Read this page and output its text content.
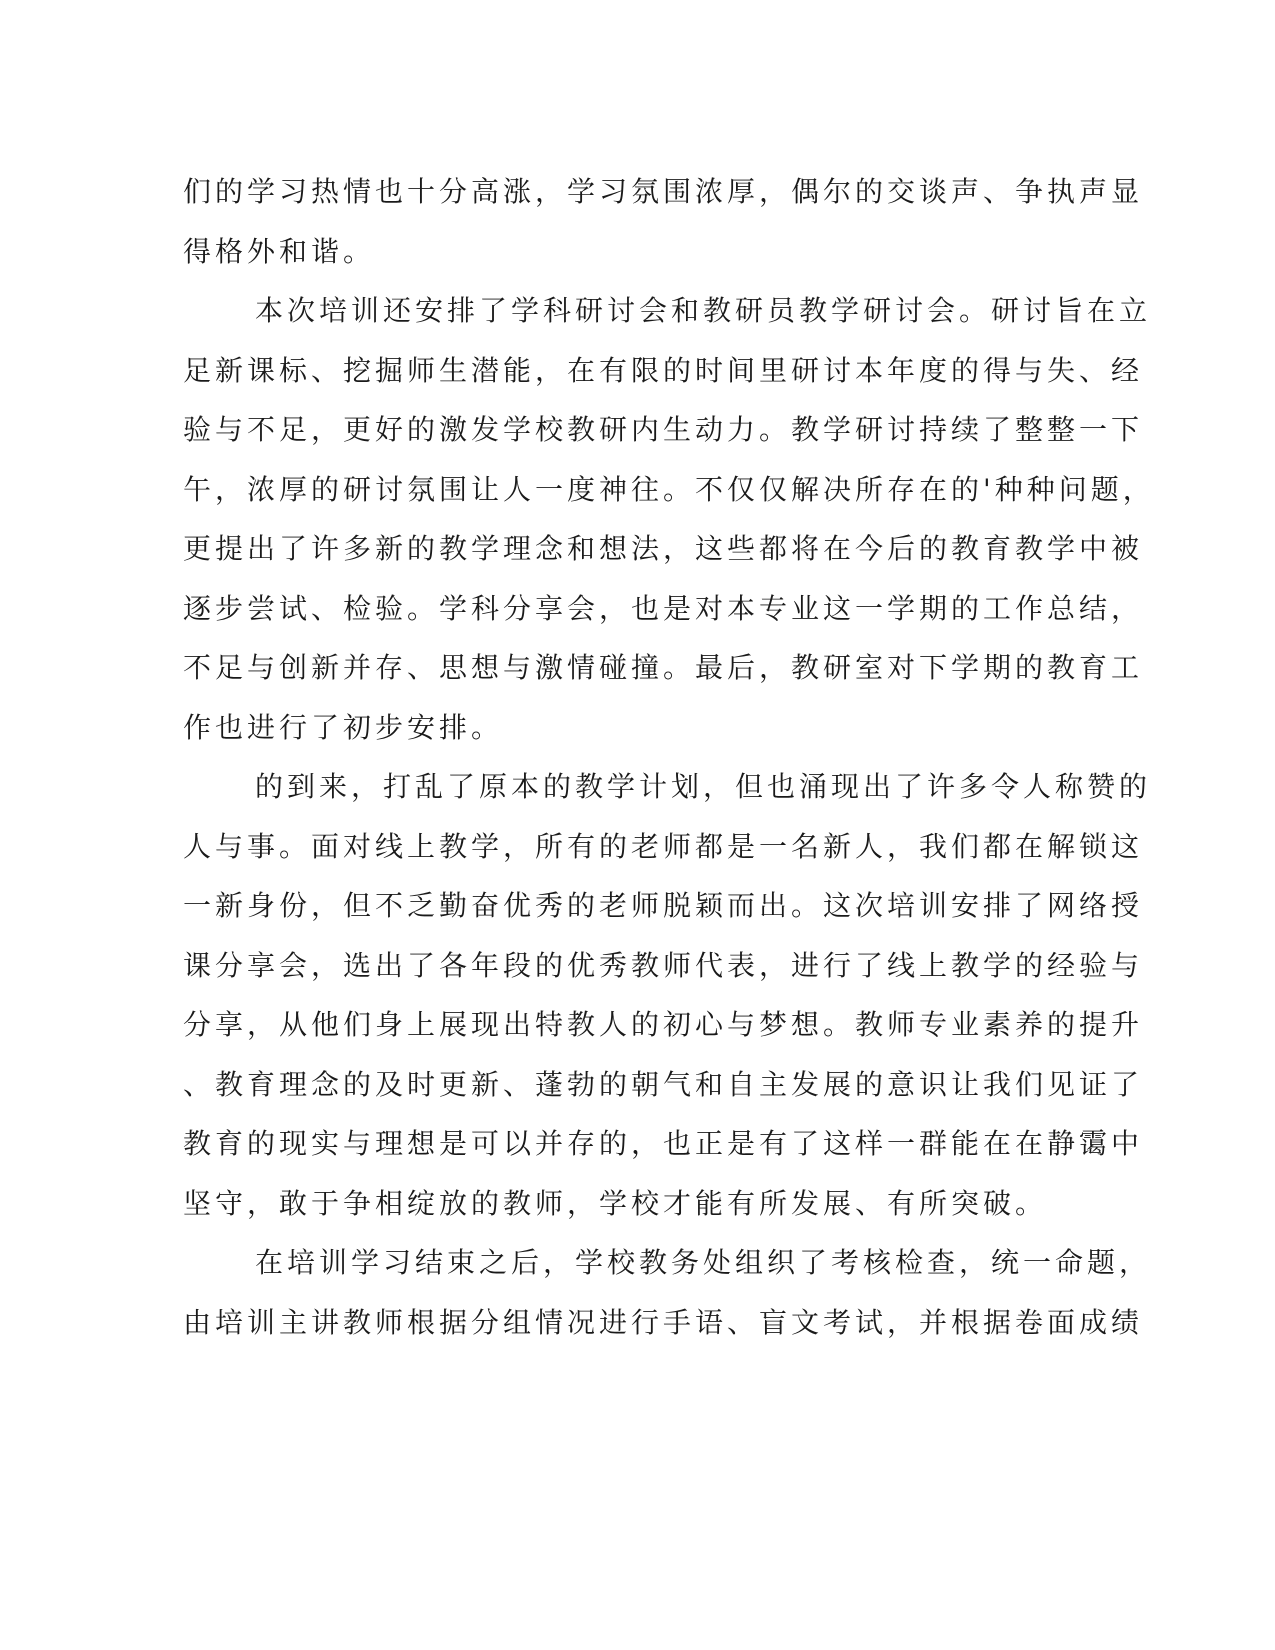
们的学习热情也十分高涨，学习氛围浓厚，偶尔的交谈声、争执声显
得格外和谐。
本次培训还安排了学科研讨会和教研员教学研讨会。研讨旨在立
足新课标、挖掘师生潜能，在有限的时间里研讨本年度的得与失、经
验与不足，更好的激发学校教研内生动力。教学研讨持续了整整一下
午，浓厚的研讨氛围让人一度神往。不仅仅解决所存在的'种种问题，
更提出了许多新的教学理念和想法，这些都将在今后的教育教学中被
逐步尝试、检验。学科分享会，也是对本专业这一学期的工作总结，
不足与创新并存、思想与激情碰撞。最后，教研室对下学期的教育工
作也进行了初步安排。
的到来，打乱了原本的教学计划，但也涌现出了许多令人称赞的
人与事。面对线上教学，所有的老师都是一名新人，我们都在解锁这
一新身份，但不乏勤奋优秀的老师脱颖而出。这次培训安排了网络授
课分享会，选出了各年段的优秀教师代表，进行了线上教学的经验与
分享，从他们身上展现出特教人的初心与梦想。教师专业素养的提升
、教育理念的及时更新、蓬勃的朝气和自主发展的意识让我们见证了
教育的现实与理想是可以并存的，也正是有了这样一群能在在静霭中
坚守，敢于争相绽放的教师，学校才能有所发展、有所突破。
在培训学习结束之后，学校教务处组织了考核检查，统一命题，
由培训主讲教师根据分组情况进行手语、盲文考试，并根据卷面成绩
